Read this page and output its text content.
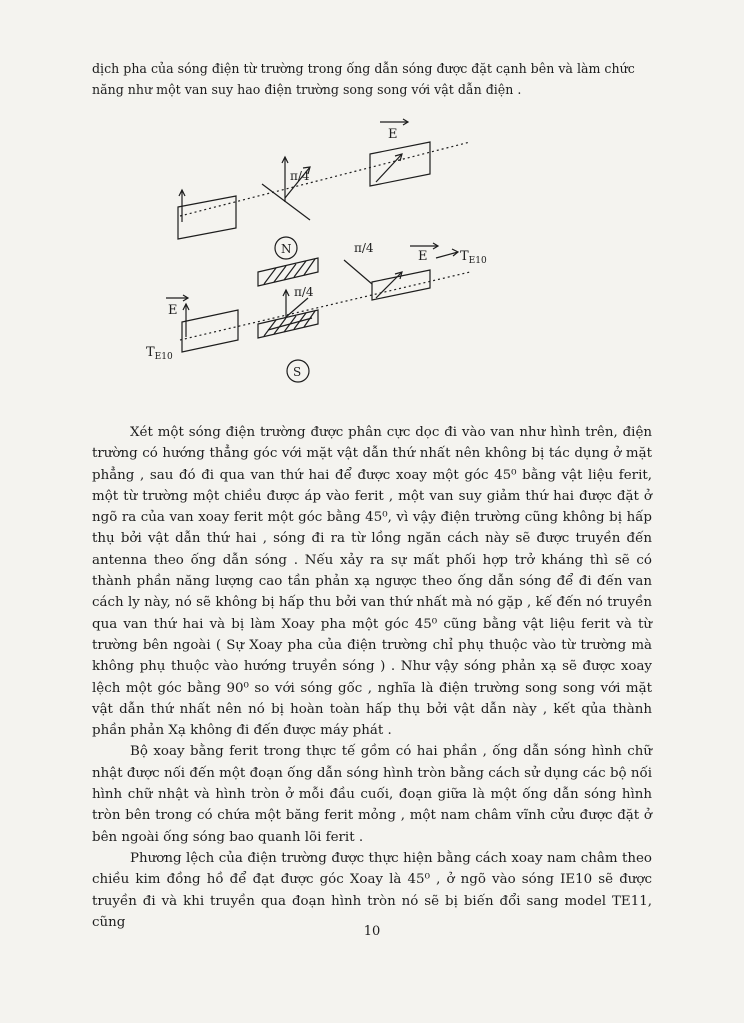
dịch pha của sóng điện từ trường trong ống dẫn sóng được đặt cạnh bên và làm chức năng như một van suy hao điện trường song song với vật dẫn điện .
E
π/4
N	π/4
E	$T_{E10}$
π/4
E
$T_{E10}$
S

Xét một sóng điện trường được phân cực dọc đi vào van như hình trên, điện trường có hướng thẳng góc với mặt vật dẫn thứ nhất nên không bị tác dụng ở mặt phẳng , sau đó đi qua van thứ hai để được xoay một góc 45⁰ bằng vật liệu ferit, một từ trường một chiều được áp vào ferit , một van suy giảm thứ hai được đặt ở ngõ ra của van xoay ferit một góc bằng 45⁰, vì vậy điện trường cũng không bị hấp thụ bởi vật dẫn thứ hai , sóng đi ra từ lồng ngăn cách này sẽ được truyền đến antenna theo ống dẫn sóng . Nếu xảy ra sự mất phối hợp trở kháng thì sẽ có thành phần năng lượng cao tần phản xạ ngược theo ống dẫn sóng để đi đến van cách ly này, nó sẽ không bị hấp thu bởi van thứ nhất mà nó gặp , kế đến nó truyền qua van thứ hai và bị làm Xoay pha một góc 45⁰ cũng bằng vật liệu ferit và từ trường bên ngoài ( Sự Xoay pha của điện trường chỉ phụ thuộc vào từ trường mà không phụ thuộc vào hướng truyền sóng ) . Như vậy sóng phản xạ sẽ được xoay lệch một góc bằng 90⁰ so với sóng gốc , nghĩa là điện trường song song với mặt vật dẫn thứ nhất nên nó bị hoàn toàn hấp thụ bởi vật dẫn này , kết qủa thành phần phản Xạ không đi đến được máy phát .

Bộ xoay bằng ferit trong thực tế gồm có hai phần , ống dẫn sóng hình chữ nhật được nối đến một đoạn ống dẫn sóng hình tròn bằng cách sử dụng các bộ nối hình chữ nhật và hình tròn ở mỗi đầu cuối, đoạn giữa là một ống dẫn sóng hình tròn bên trong có chứa một băng ferit mỏng , một nam châm vĩnh cửu được đặt ở bên ngoài ống sóng bao quanh lõi ferit .

Phương lệch của điện trường được thực hiện bằng cách xoay nam châm theo chiều kim đồng hồ để đạt được góc Xoay là 45⁰ , ở ngõ vào sóng IE10 sẽ được truyền đi và khi truyền qua đoạn hình tròn nó sẽ bị biến đổi sang model TE11, cũng

10
